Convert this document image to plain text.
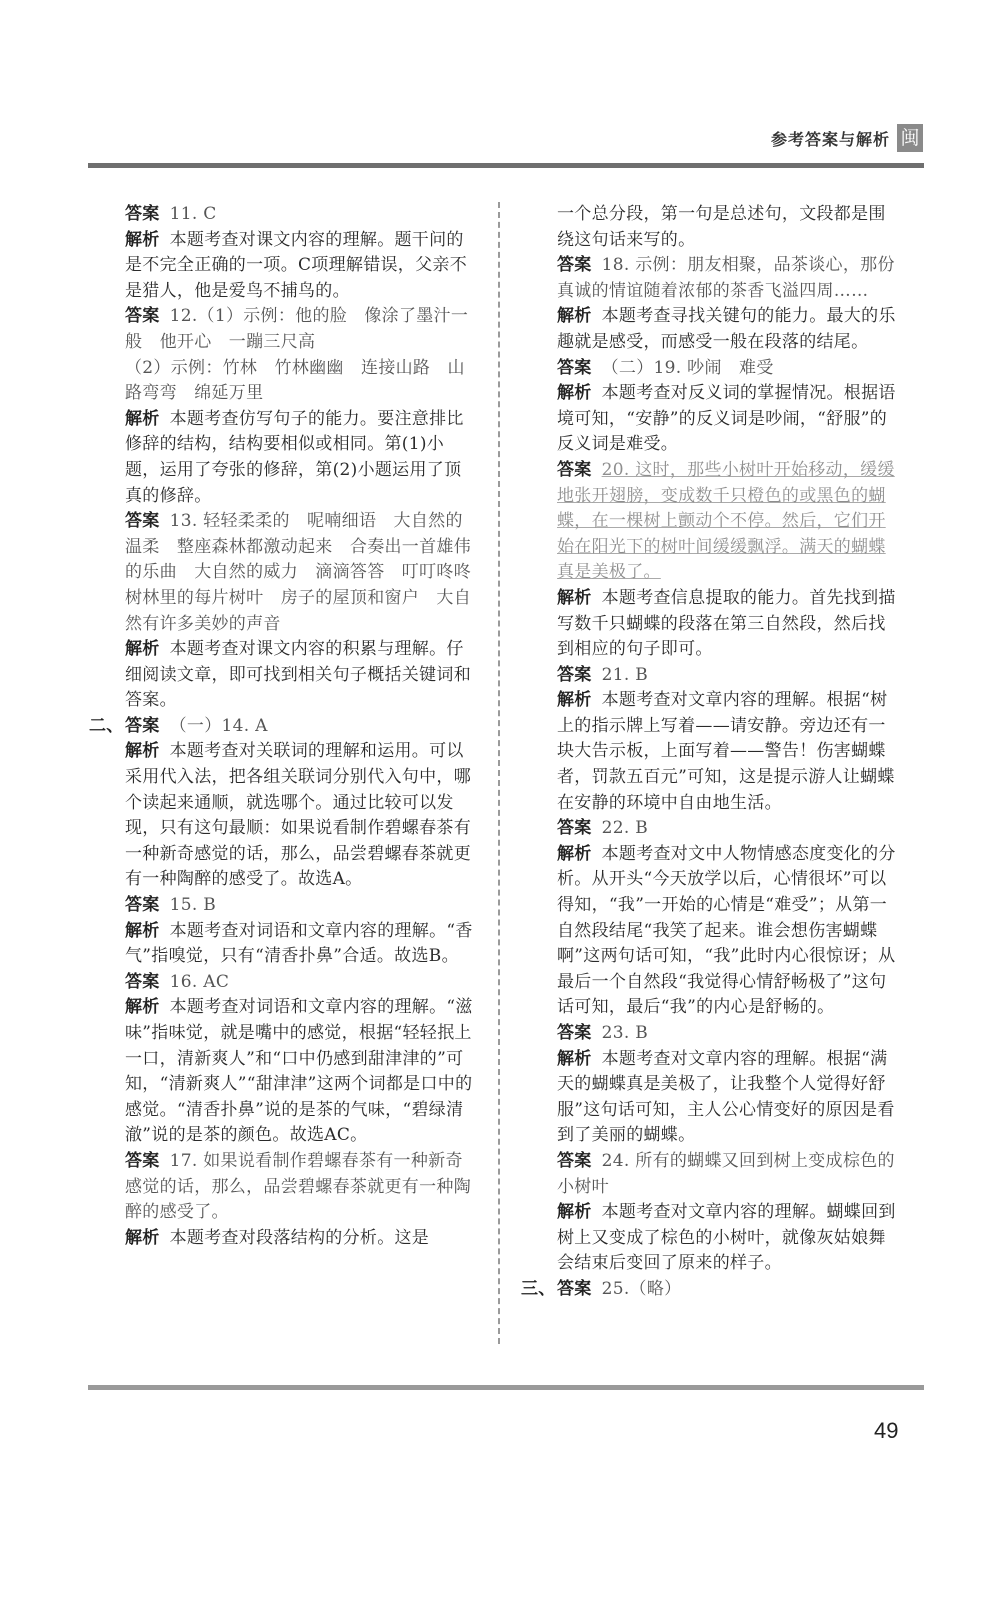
参考答案与解析 闽

答案 11. C

解析 本题考查对课文内容的理解。题干问的是不完全正确的一项。C项理解错误，父亲不是猎人，他是爱鸟不捕鸟的。

答案 12.（1）示例：他的脸　像涂了墨汁一般　他开心　一蹦三尺高

（2）示例：竹林　竹林幽幽　连接山路　山路弯弯　绵延万里

解析 本题考查仿写句子的能力。要注意排比修辞的结构，结构要相似或相同。第(1)小题，运用了夸张的修辞，第(2)小题运用了顶真的修辞。

答案 13. 轻轻柔柔的　呢喃细语　大自然的温柔　整座森林都激动起来　合奏出一首雄伟的乐曲　大自然的威力　滴滴答答　叮叮咚咚　树林里的每片树叶　房子的屋顶和窗户　大自然有许多美妙的声音

解析 本题考查对课文内容的积累与理解。仔细阅读文章，即可找到相关句子概括关键词和答案。

二、 答案 （一）14. A

解析 本题考查对关联词的理解和运用。可以采用代入法，把各组关联词分别代入句中，哪个读起来通顺，就选哪个。通过比较可以发现，只有这句最顺：如果说看制作碧螺春茶有一种新奇感觉的话，那么，品尝碧螺春茶就更有一种陶醉的感受了。故选A。

答案 15. B

解析 本题考查对词语和文章内容的理解。“香气”指嗅觉，只有“清香扑鼻”合适。故选B。

答案 16. AC

解析 本题考查对词语和文章内容的理解。“滋味”指味觉，就是嘴中的感觉，根据“轻轻抿上一口，清新爽人”和“口中仍感到甜津津的”可知，“清新爽人”“甜津津”这两个词都是口中的感觉。“清香扑鼻”说的是茶的气味，“碧绿清澈”说的是茶的颜色。故选AC。

答案 17. 如果说看制作碧螺春茶有一种新奇感觉的话，那么，品尝碧螺春茶就更有一种陶醉的感受了。

解析 本题考查对段落结构的分析。这是

一个总分段，第一句是总述句，文段都是围绕这句话来写的。

答案 18. 示例：朋友相聚，品茶谈心，那份真诚的情谊随着浓郁的茶香飞溢四周……

解析 本题考查寻找关键句的能力。最大的乐趣就是感受，而感受一般在段落的结尾。

答案 （二）19. 吵闹　难受

解析 本题考查对反义词的掌握情况。根据语境可知，“安静”的反义词是吵闹，“舒服”的反义词是难受。

答案 20. 这时，那些小树叶开始移动，缓缓地张开翅膀，变成数千只橙色的或黑色的蝴蝶，在一棵树上颤动个不停。然后，它们开始在阳光下的树叶间缓缓飘浮。满天的蝴蝶真是美极了。

解析 本题考查信息提取的能力。首先找到描写数千只蝴蝶的段落在第三自然段，然后找到相应的句子即可。

答案 21. B

解析 本题考查对文章内容的理解。根据“树上的指示牌上写着——请安静。旁边还有一块大告示板，上面写着——警告！伤害蝴蝶者，罚款五百元”可知，这是提示游人让蝴蝶在安静的环境中自由地生活。

答案 22. B

解析 本题考查对文中人物情感态度变化的分析。从开头“今天放学以后，心情很坏”可以得知，“我”一开始的心情是“难受”；从第一自然段结尾“我笑了起来。谁会想伤害蝴蝶啊”这两句话可知，“我”此时内心很惊讶；从最后一个自然段“我觉得心情舒畅极了”这句话可知，最后“我”的内心是舒畅的。

答案 23. B

解析 本题考查对文章内容的理解。根据“满天的蝴蝶真是美极了，让我整个人觉得好舒服”这句话可知，主人公心情变好的原因是看到了美丽的蝴蝶。

答案 24. 所有的蝴蝶又回到树上变成棕色的小树叶

解析 本题考查对文章内容的理解。蝴蝶回到树上又变成了棕色的小树叶，就像灰姑娘舞会结束后变回了原来的样子。

三、 答案 25.（略）

49
